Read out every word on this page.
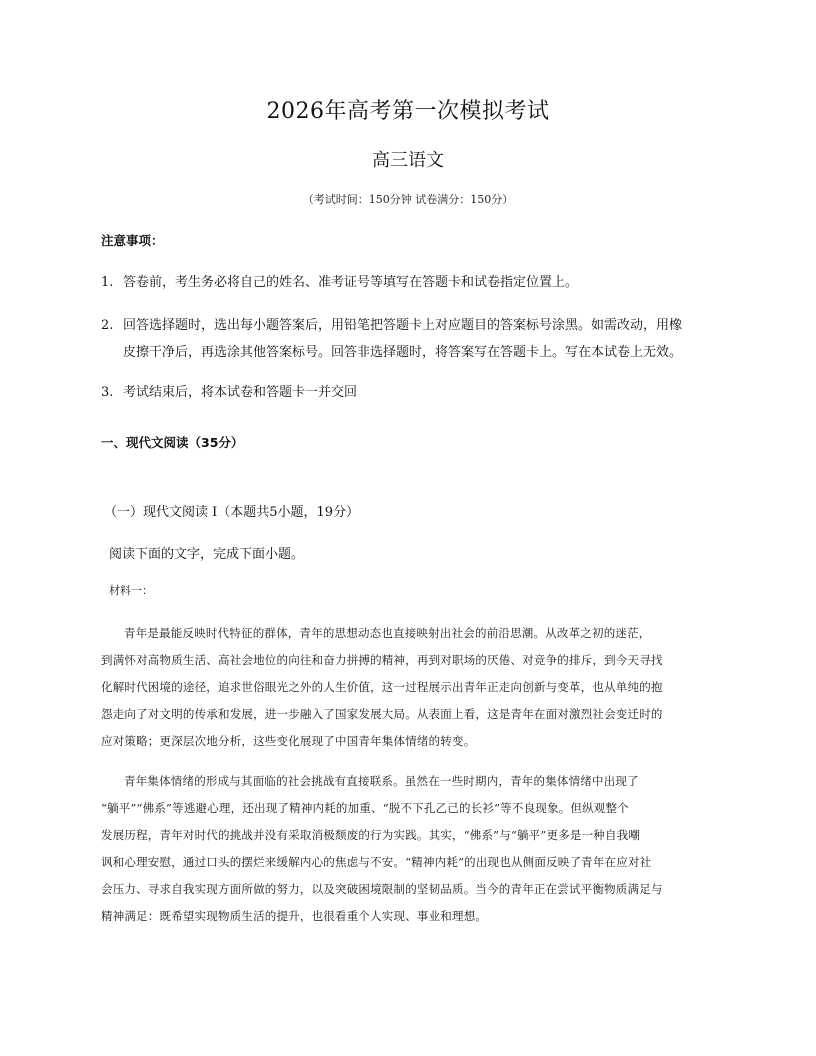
2026年高考第一次模拟考试
高三语文
（考试时间：150分钟 试卷满分：150分）
注意事项：
1. 答卷前，考生务必将自己的姓名、准考证号等填写在答题卡和试卷指定位置上。
2. 回答选择题时，选出每小题答案后，用铅笔把答题卡上对应题目的答案标号涂黑。如需改动，用橡
皮擦干净后，再选涂其他答案标号。回答非选择题时，将答案写在答题卡上。写在本试卷上无效。
3. 考试结束后，将本试卷和答题卡一并交回
一、现代文阅读（35分）
（一）现代文阅读 I（本题共5小题，19分）
阅读下面的文字，完成下面小题。
材料一：
青年是最能反映时代特征的群体，青年的思想动态也直接映射出社会的前沿思潮。从改革之初的迷茫，
到满怀对高物质生活、高社会地位的向往和奋力拼搏的精神，再到对职场的厌倦、对竞争的排斥，到今天寻找
化解时代困境的途径，追求世俗眼光之外的人生价值，这一过程展示出青年正走向创新与变革，也从单纯的抱
怨走向了对文明的传承和发展，进一步融入了国家发展大局。从表面上看，这是青年在面对激烈社会变迁时的
应对策略；更深层次地分析，这些变化展现了中国青年集体情绪的转变。
青年集体情绪的形成与其面临的社会挑战有直接联系。虽然在一些时期内，青年的集体情绪中出现了
“躺平”“佛系”等逃避心理，还出现了精神内耗的加重、“脱不下孔乙己的长衫”等不良现象。但纵观整个
发展历程，青年对时代的挑战并没有采取消极颓废的行为实践。其实，“佛系”与“躺平”更多是一种自我嘲
讽和心理安慰，通过口头的摆烂来缓解内心的焦虑与不安。“精神内耗”的出现也从侧面反映了青年在应对社
会压力、寻求自我实现方面所做的努力，以及突破困境限制的坚韧品质。当今的青年正在尝试平衡物质满足与
精神满足：既希望实现物质生活的提升，也很看重个人实现、事业和理想。
